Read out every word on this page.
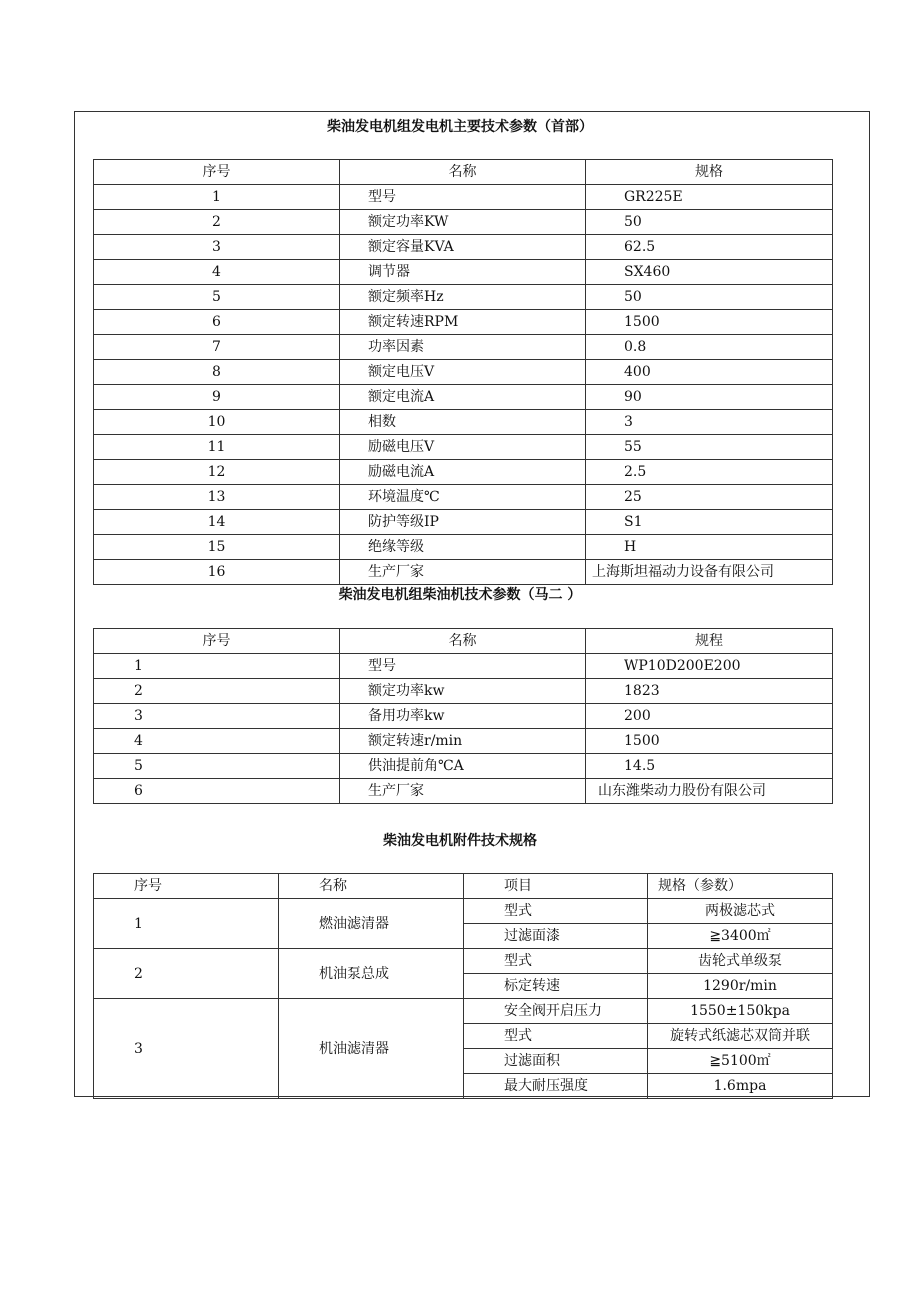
柴油发电机组发电机主要技术参数（首部）
序号	名称	规格
1	型号	GR225E
2	额定功率KW	50
3	额定容量KVA	62.5
4	调节器	SX460
5	额定频率Hz	50
6	额定转速RPM	1500
7	功率因素	0.8
8	额定电压V	400
9	额定电流A	90
10	相数	3
11	励磁电压V	55
12	励磁电流A	2.5
13	环境温度℃	25
14	防护等级IP	S1
15	绝缘等级	H
16	生产厂家	上海斯坦福动力设备有限公司
柴油发电机组柴油机技术参数（马二 ）
序号	名称	规程
1	型号	WP10D200E200
2	额定功率kw	1823
3	备用功率kw	200
4	额定转速r/min	1500
5	供油提前角℃A	14.5
6	生产厂家	山东潍柴动力股份有限公司
柴油发电机附件技术规格
序号	名称	项目	规格（参数）
1	燃油滤清器	型式	两极滤芯式
		过滤面漆	≧3400㎡
2	机油泵总成	型式	齿轮式单级泵
		标定转速	1290r/min
3	机油滤清器	安全阀开启压力	1550±150kpa
		型式	旋转式纸滤芯双筒并联
		过滤面积	≧5100㎡
		最大耐压强度	1.6mpa
